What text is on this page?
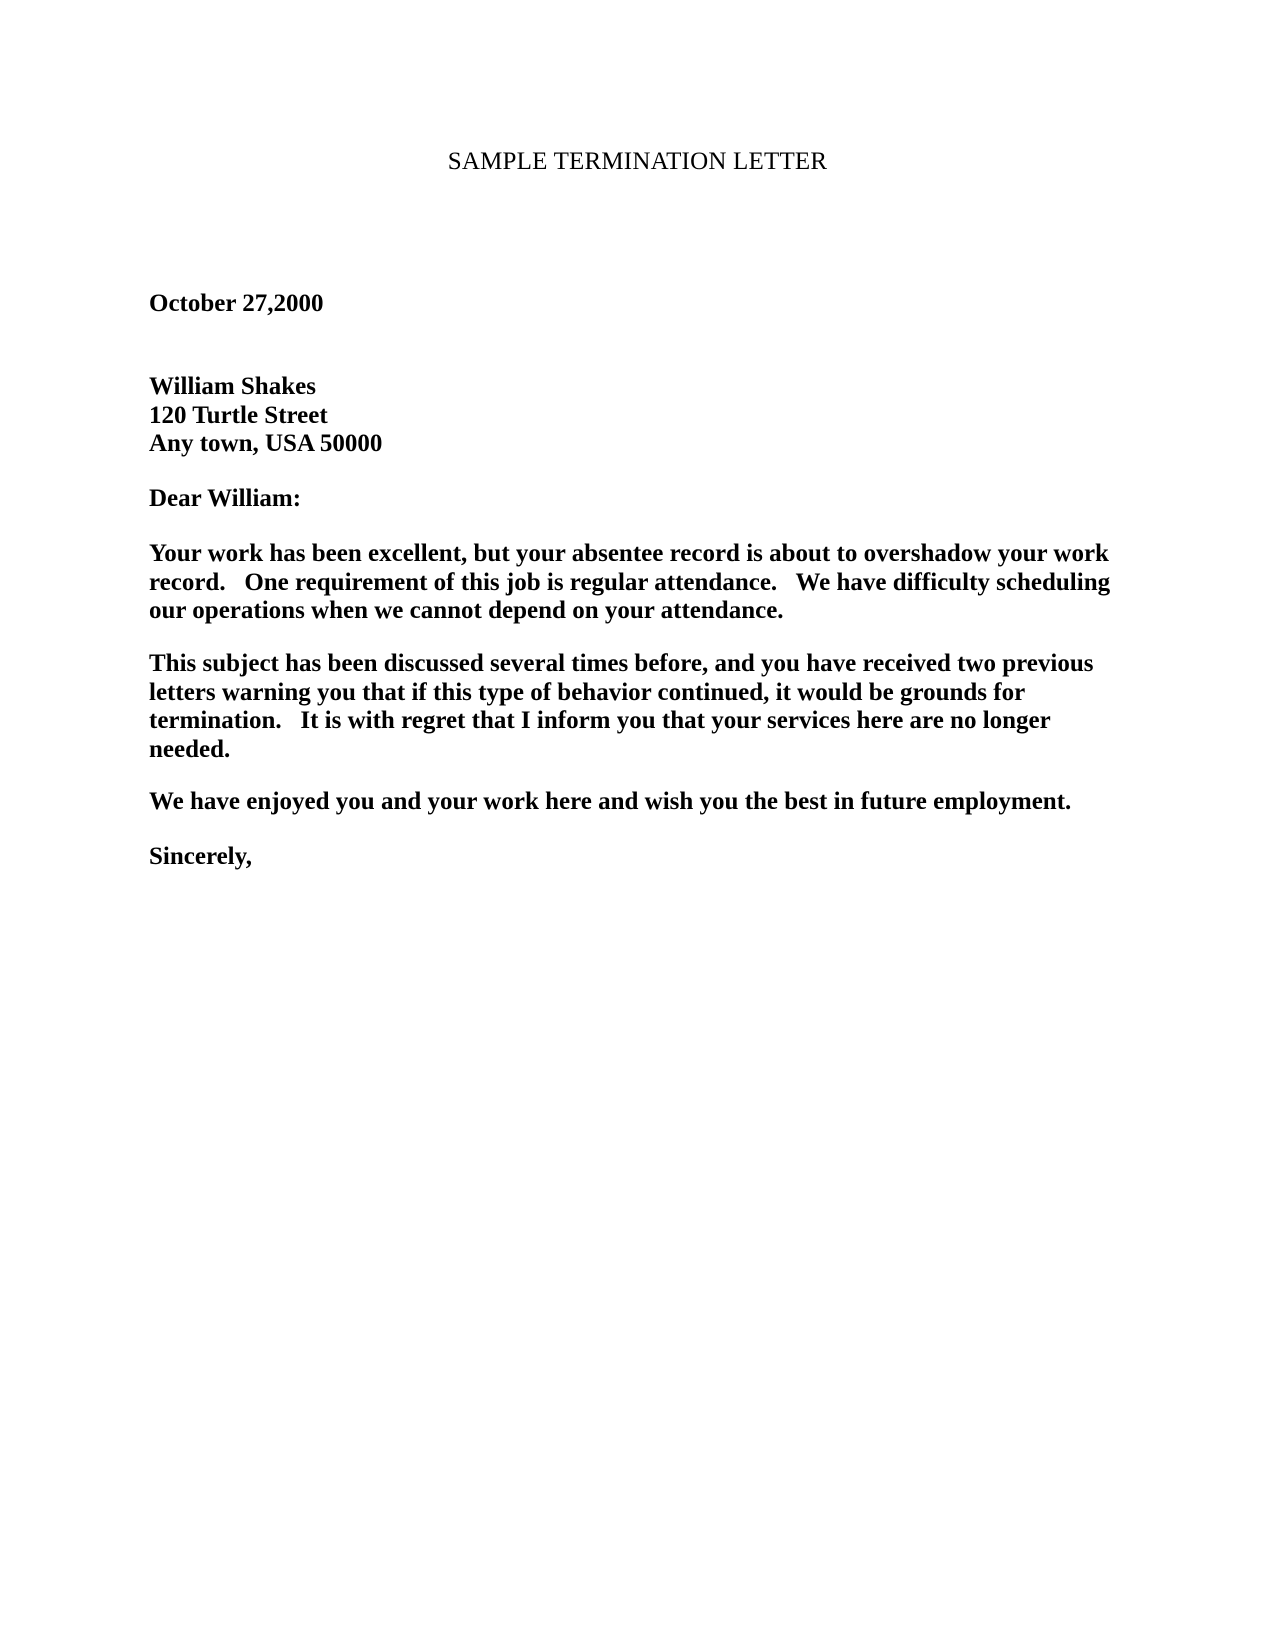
SAMPLE TERMINATION LETTER

October 27,2000

William Shakes
120 Turtle Street
Any town, USA 50000

Dear William:

Your work has been excellent, but your absentee record is about to overshadow your work
record.   One requirement of this job is regular attendance.   We have difficulty scheduling
our operations when we cannot depend on your attendance.
This subject has been discussed several times before, and you have received two previous
letters warning you that if this type of behavior continued, it would be grounds for
termination.   It is with regret that I inform you that your services here are no longer
needed.
We have enjoyed you and your work here and wish you the best in future employment.

Sincerely,
